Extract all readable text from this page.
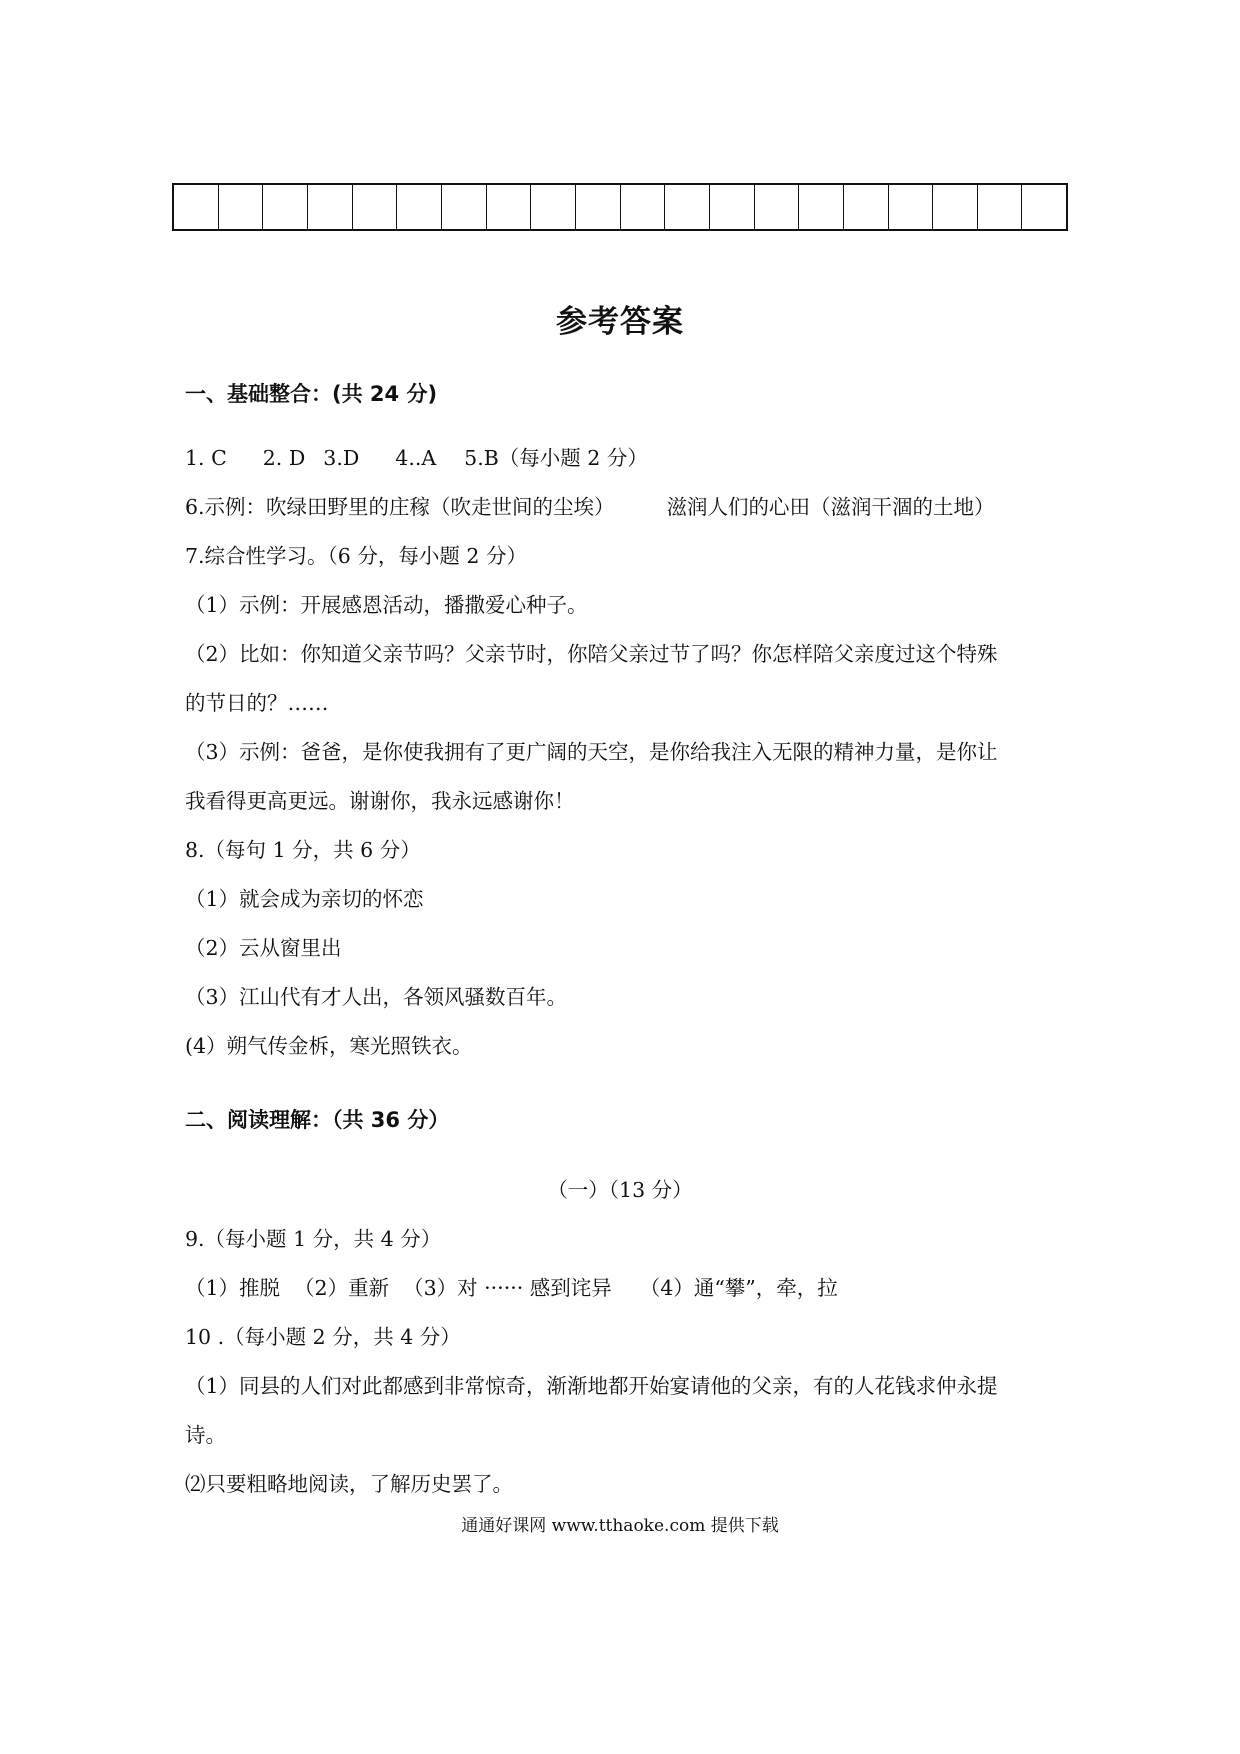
参考答案
一、基础整合：(共 24 分)
1. C 2. D 3.D 4..A 5.B（每小题 2 分）
6.示例：吹绿田野里的庄稼（吹走世间的尘埃）	滋润人们的心田（滋润干涸的土地）
7.综合性学习。（6 分，每小题 2 分）
（1）示例：开展感恩活动，播撒爱心种子。
（2）比如：你知道父亲节吗？父亲节时，你陪父亲过节了吗？你怎样陪父亲度过这个特殊
的节日的？……
（3）示例：爸爸，是你使我拥有了更广阔的天空，是你给我注入无限的精神力量，是你让
我看得更高更远。谢谢你，我永远感谢你！
8.（每句 1 分，共 6 分）
（1）就会成为亲切的怀恋
（2）云从窗里出
（3）江山代有才人出，各领风骚数百年。
(4）朔气传金柝，寒光照铁衣。
二、阅读理解：（共 36 分）
（一）（13 分）
9.（每小题 1 分，共 4 分）
（1）推脱 （2）重新 （3）对 ······ 感到诧异 （4）通“攀”，牵，拉
10 .（每小题 2 分，共 4 分）
（1）同县的人们对此都感到非常惊奇，渐渐地都开始宴请他的父亲，有的人花钱求仲永提
诗。
⑵只要粗略地阅读，了解历史罢了。
通通好课网 www.tthaoke.com 提供下载
